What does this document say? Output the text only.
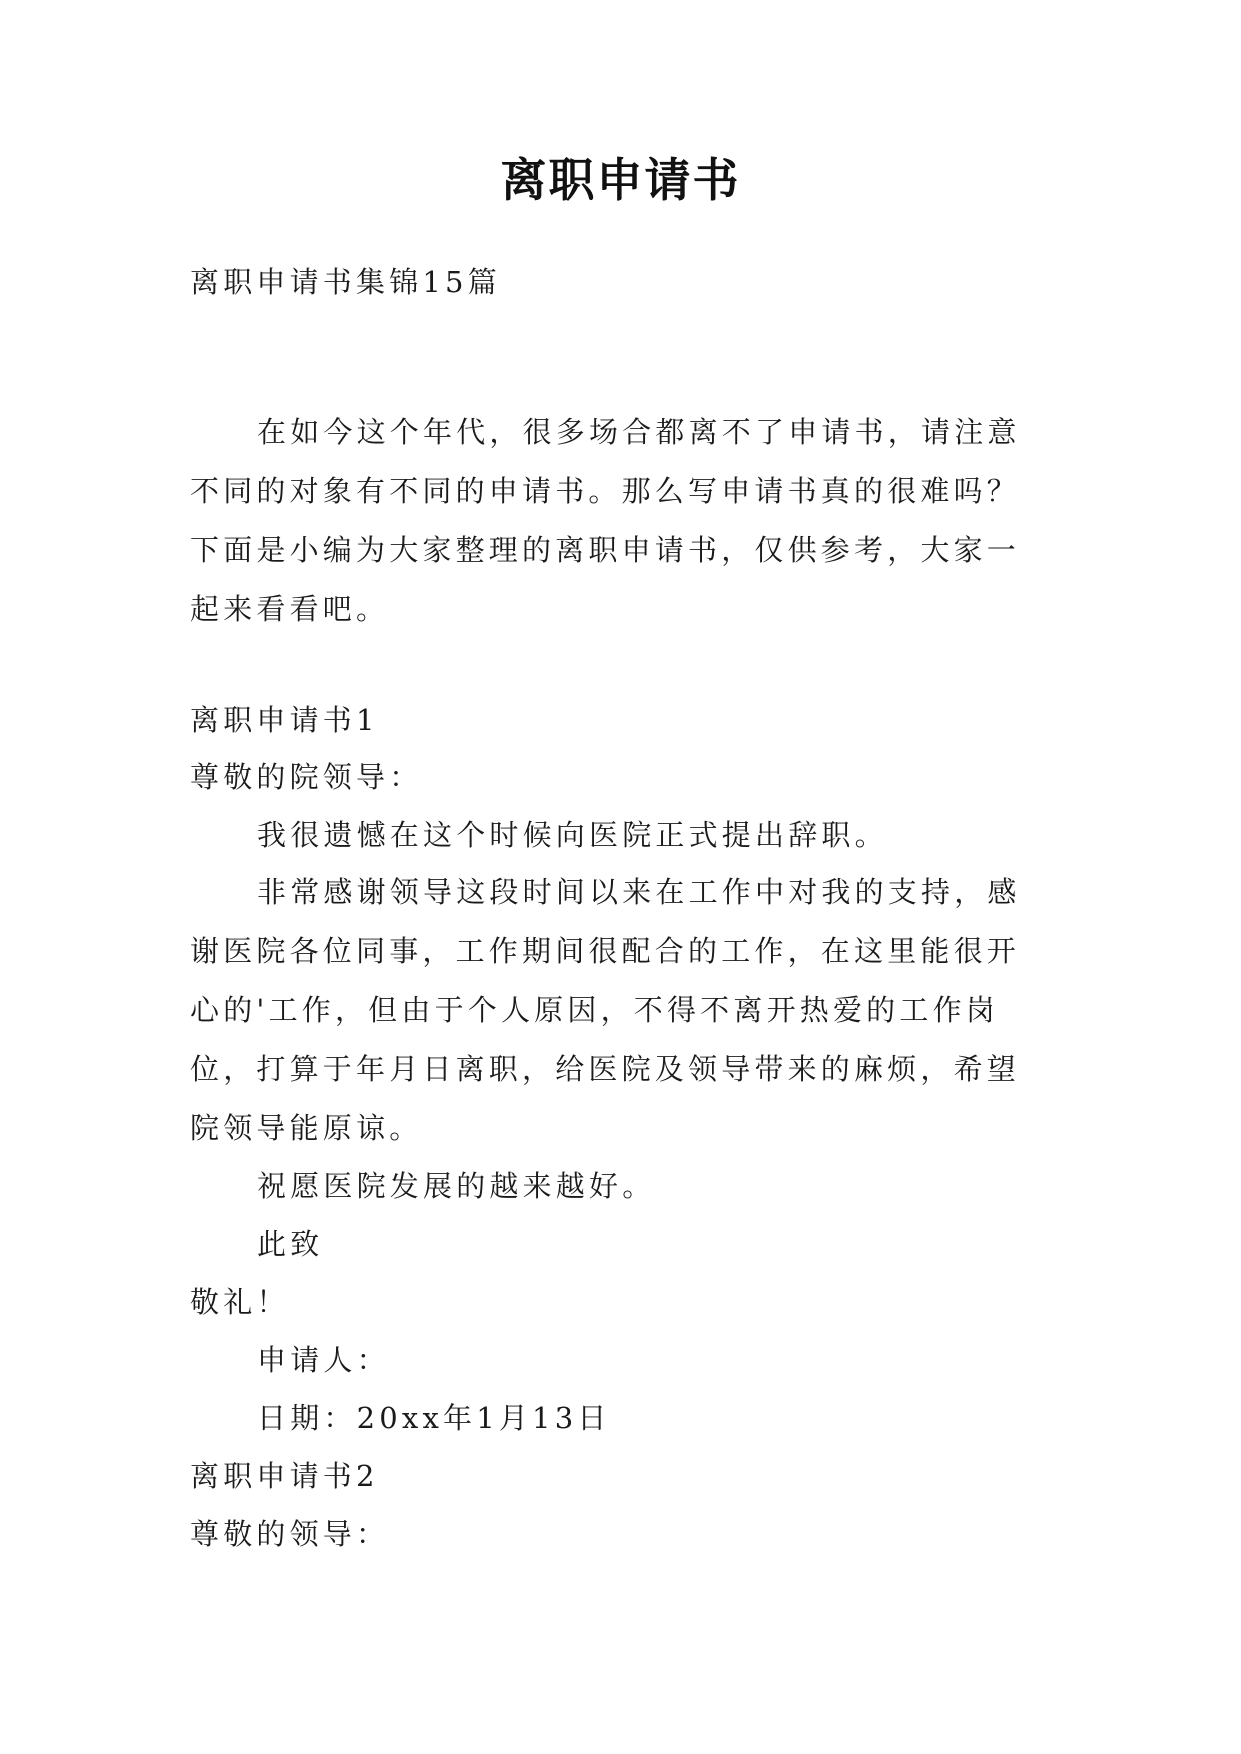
离职申请书
离职申请书集锦15篇
在如今这个年代，很多场合都离不了申请书，请注意不同的对象有不同的申请书。那么写申请书真的很难吗？下面是小编为大家整理的离职申请书，仅供参考，大家一起来看看吧。
离职申请书1
尊敬的院领导：
我很遗憾在这个时候向医院正式提出辞职。
非常感谢领导这段时间以来在工作中对我的支持，感谢医院各位同事，工作期间很配合的工作，在这里能很开心的'工作，但由于个人原因，不得不离开热爱的工作岗位，打算于年月日离职，给医院及领导带来的麻烦，希望院领导能原谅。
祝愿医院发展的越来越好。
此致
敬礼！
申请人：
日期：20xx年1月13日
离职申请书2
尊敬的领导：
